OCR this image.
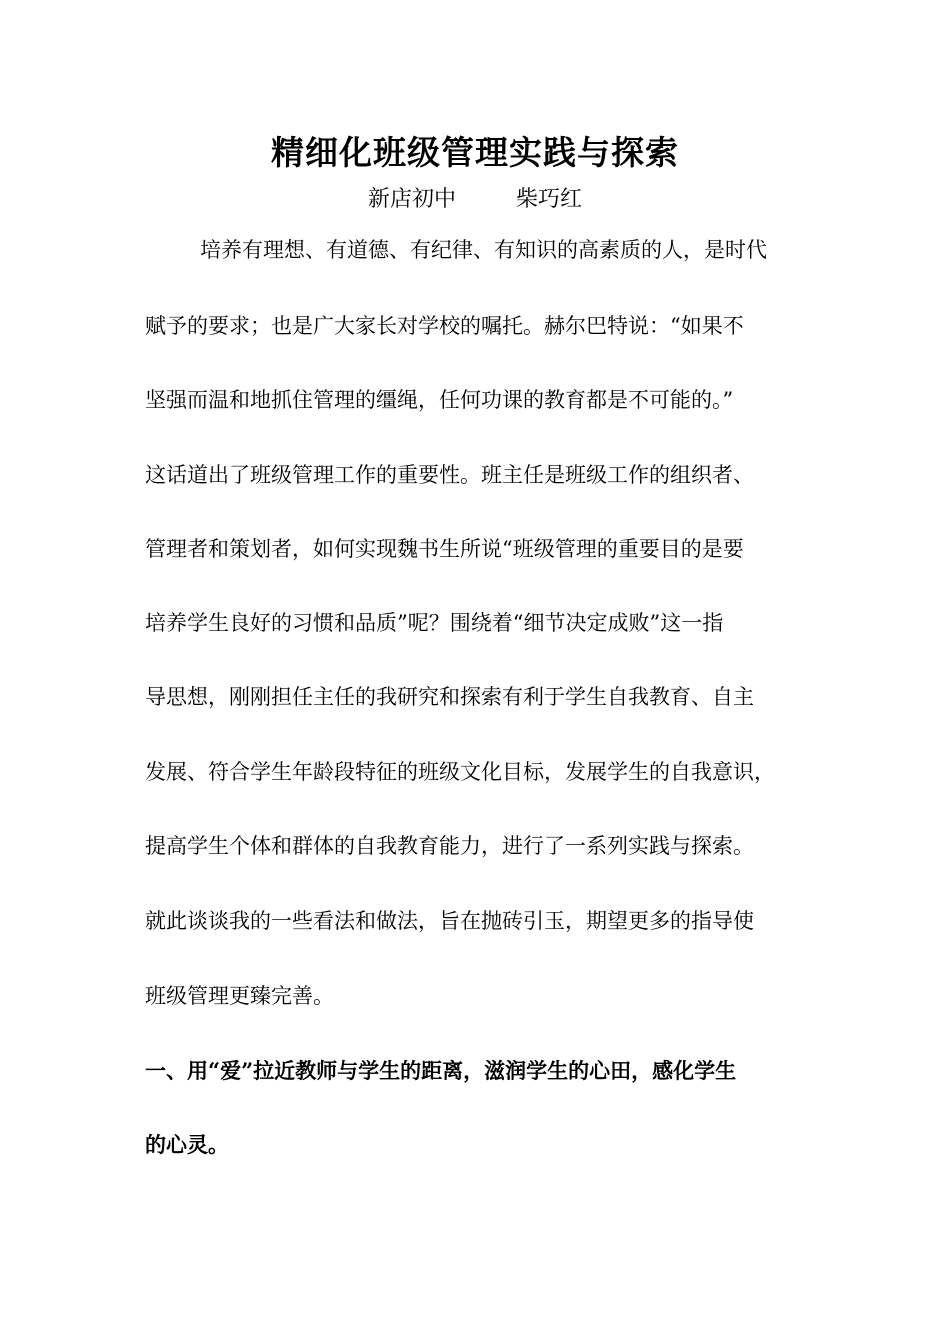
精细化班级管理实践与探索
新店初中	柴巧红
培养有理想、有道德、有纪律、有知识的高素质的人，是时代
赋予的要求；也是广大家长对学校的嘱托。赫尔巴特说：“如果不
坚强而温和地抓住管理的缰绳，任何功课的教育都是不可能的。”
这话道出了班级管理工作的重要性。班主任是班级工作的组织者、
管理者和策划者，如何实现魏书生所说“班级管理的重要目的是要
培养学生良好的习惯和品质”呢？围绕着“细节决定成败”这一指
导思想，刚刚担任主任的我研究和探索有利于学生自我教育、自主
发展、符合学生年龄段特征的班级文化目标，发展学生的自我意识，
提高学生个体和群体的自我教育能力，进行了一系列实践与探索。
就此谈谈我的一些看法和做法，旨在抛砖引玉，期望更多的指导使
班级管理更臻完善。
一、用“爱”拉近教师与学生的距离，滋润学生的心田，感化学生
的心灵。
